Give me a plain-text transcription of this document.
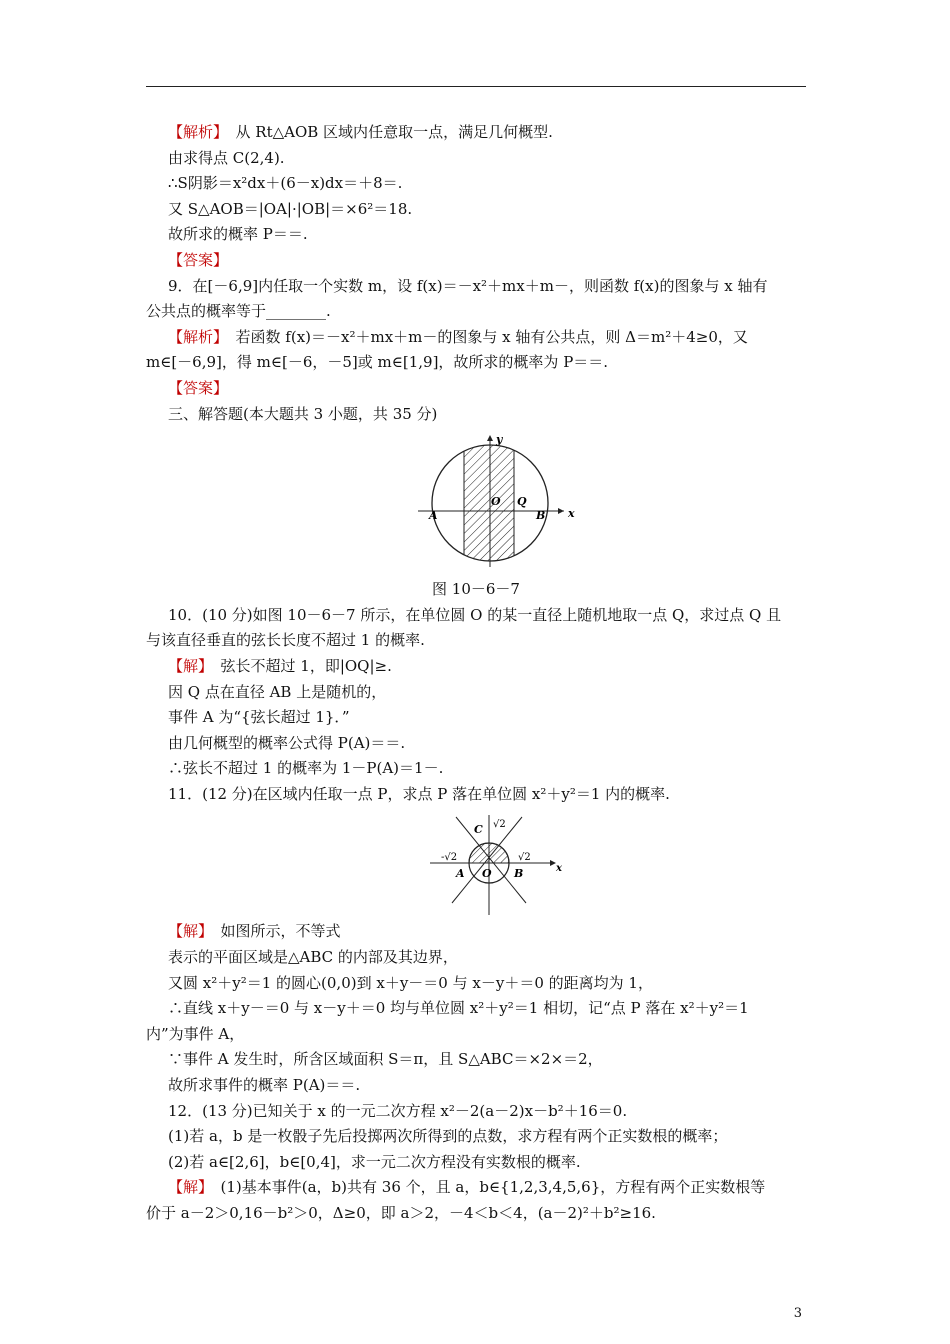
【解析】　从 Rt△AOB 区域内任意取一点，满足几何概型.
由求得点 C(2,4).
∴S阴影＝x²dx＋(6－x)dx＝＋8＝.
又 S△AOB＝|OA|·|OB|＝×6²＝18.
故所求的概率 P＝＝.
【答案】
9．在[－6,9]内任取一个实数 m，设 f(x)＝－x²＋mx＋m－，则函数 f(x)的图象与 x 轴有
公共点的概率等于________.
【解析】　若函数 f(x)＝－x²＋mx＋m－的图象与 x 轴有公共点，则 Δ＝m²＋4≥0，又
m∈[－6,9]，得 m∈[－6，－5]或 m∈[1,9]，故所求的概率为 P＝＝.
【答案】
三、解答题(本大题共 3 小题，共 35 分)
y
x
O Q
A	B
图 10－6－7
10．(10 分)如图 10－6－7 所示，在单位圆 O 的某一直径上随机地取一点 Q，求过点 Q 且
与该直径垂直的弦长长度不超过 1 的概率.
【解】　弦长不超过 1，即|OQ|≥.
因 Q 点在直径 AB 上是随机的，
事件 A 为“{弦长超过 1}．”
由几何概型的概率公式得 P(A)＝＝.
∴弦长不超过 1 的概率为 1－P(A)＝1－.
11．(12 分)在区域内任取一点 P，求点 P 落在单位圆 x²＋y²＝1 内的概率.
C √2
-√2	√2
A O B	x
【解】　如图所示，不等式
表示的平面区域是△ABC 的内部及其边界，
又圆 x²＋y²＝1 的圆心(0,0)到 x＋y－＝0 与 x－y＋＝0 的距离均为 1，
∴直线 x＋y－＝0 与 x－y＋＝0 均与单位圆 x²＋y²＝1 相切，记“点 P 落在 x²＋y²＝1
内”为事件 A，
∵事件 A 发生时，所含区域面积 S＝π，且 S△ABC＝×2×＝2，
故所求事件的概率 P(A)＝＝.
12．(13 分)已知关于 x 的一元二次方程 x²－2(a－2)x－b²＋16＝0.
(1)若 a，b 是一枚骰子先后投掷两次所得到的点数，求方程有两个正实数根的概率；
(2)若 a∈[2,6]，b∈[0,4]，求一元二次方程没有实数根的概率.
【解】　(1)基本事件(a，b)共有 36 个，且 a，b∈{1,2,3,4,5,6}，方程有两个正实数根等
价于 a－2＞0,16－b²＞0，Δ≥0，即 a＞2，－4＜b＜4，(a－2)²＋b²≥16.
3
